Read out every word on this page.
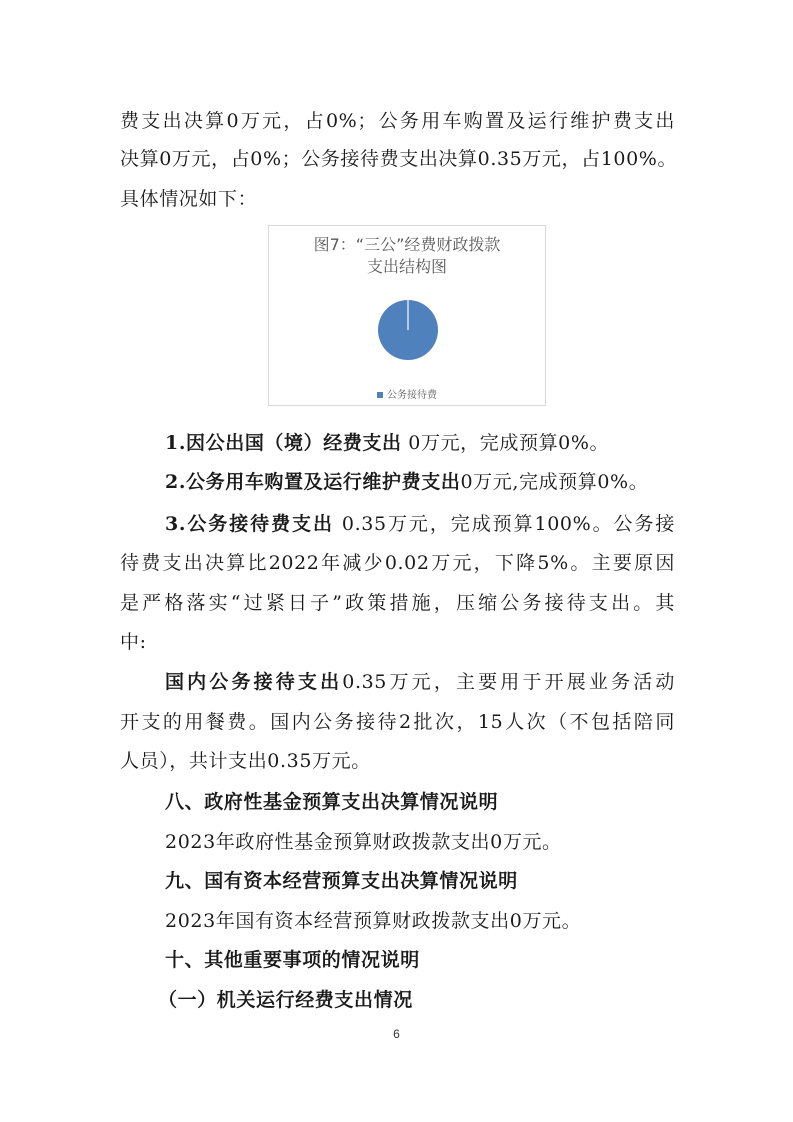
费支出决算0万元，占0%；公务用车购置及运行维护费支出
决算0万元，占0%；公务接待费支出决算0.35万元，占100%。
具体情况如下：
图7：“三公”经费财政拨款
支出结构图
公务接待费
1.因公出国（境）经费支出 0万元，完成预算0%。
2.公务用车购置及运行维护费支出0万元,完成预算0%。
3.公务接待费支出 0.35万元，完成预算100%。公务接
待费支出决算比2022年减少0.02万元，下降5%。主要原因
是严格落实“过紧日子”政策措施，压缩公务接待支出。其
中:
国内公务接待支出0.35万元，主要用于开展业务活动
开支的用餐费。国内公务接待2批次，15人次（不包括陪同
人员），共计支出0.35万元。
八、政府性基金预算支出决算情况说明
2023年政府性基金预算财政拨款支出0万元。
九、国有资本经营预算支出决算情况说明
2023年国有资本经营预算财政拨款支出0万元。
十、其他重要事项的情况说明
（一）机关运行经费支出情况
6
